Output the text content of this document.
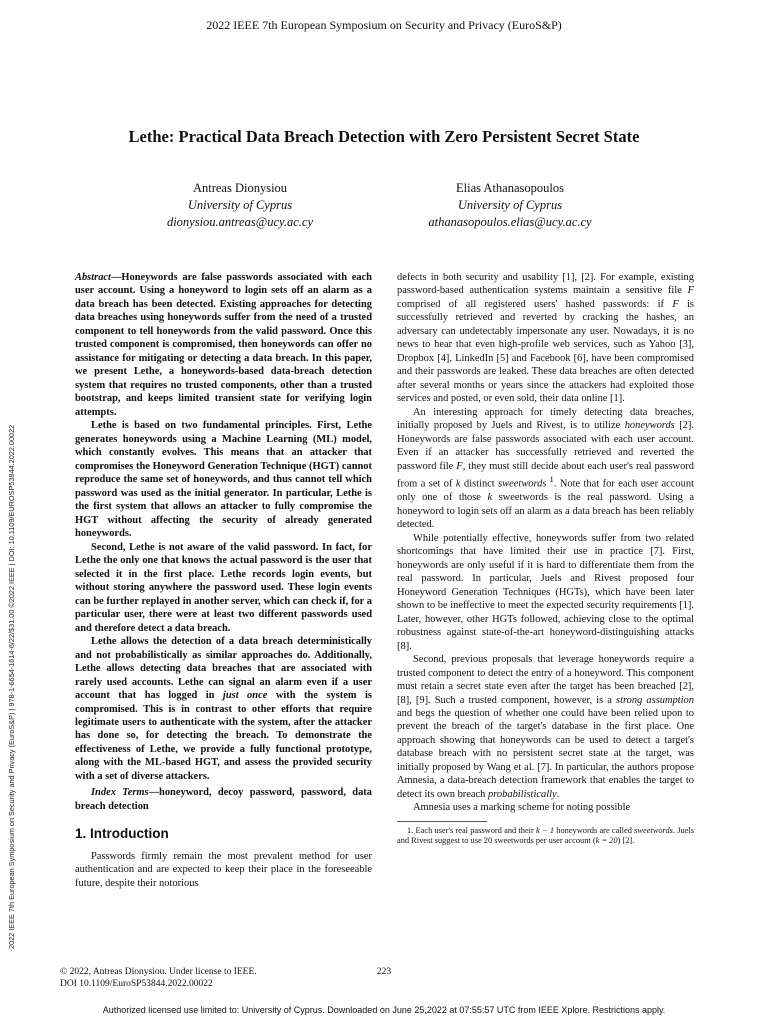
2022 IEEE 7th European Symposium on Security and Privacy (EuroS&P)
Lethe: Practical Data Breach Detection with Zero Persistent Secret State
Antreas Dionysiou
University of Cyprus
dionysiou.antreas@ucy.ac.cy
Elias Athanasopoulos
University of Cyprus
athanasopoulos.elias@ucy.ac.cy
2022 IEEE 7th European Symposium on Security and Privacy (EuroS&P) | 978-1-6654-1614-6/22/$31.00 ©2022 IEEE | DOI: 10.1109/EUROSP53844.2022.00022

Abstract—Honeywords are false passwords associated with each user account. Using a honeyword to login sets off an alarm as a data breach has been detected. Existing approaches for detecting data breaches using honeywords suffer from the need of a trusted component to tell honeywords from the valid password. Once this trusted component is compromised, then honeywords can offer no assistance for mitigating or detecting a data breach. In this paper, we present Lethe, a honeywords-based data-breach detection system that requires no trusted components, other than a trusted bootstrap, and keeps limited transient state for verifying login attempts.

Lethe is based on two fundamental principles. First, Lethe generates honeywords using a Machine Learning (ML) model, which constantly evolves. This means that an attacker that compromises the Honeyword Generation Technique (HGT) cannot reproduce the same set of honeywords, and thus cannot tell which password was used as the initial generator. In particular, Lethe is the first system that allows an attacker to fully compromise the HGT without affecting the security of already generated honeywords.

Second, Lethe is not aware of the valid password. In fact, for Lethe the only one that knows the actual password is the user that selected it in the first place. Lethe records login events, but without storing anywhere the password used. These login events can be further replayed in another server, which can check if, for a particular user, there were at least two different passwords used and therefore detect a data breach.

Lethe allows the detection of a data breach deterministically and not probabilistically as similar approaches do. Additionally, Lethe allows detecting data breaches that are associated with rarely used accounts. Lethe can signal an alarm even if a user account that has logged in just once with the system is compromised. This is in contrast to other efforts that require legitimate users to authenticate with the system, after the attacker has done so, for detecting the breach. To demonstrate the effectiveness of Lethe, we provide a fully functional prototype, along with the ML-based HGT, and assess the provided security with a set of diverse attackers.

Index Terms—honeyword, decoy password, password, data breach detection

1. Introduction

Passwords firmly remain the most prevalent method for user authentication and are expected to keep their place in the foreseeable future, despite their notorious

defects in both security and usability [1], [2]. For example, existing password-based authentication systems maintain a sensitive file F comprised of all registered users' hashed passwords: if F is successfully retrieved and reverted by cracking the hashes, an adversary can undetectably impersonate any user. Nowadays, it is no news to hear that even high-profile web services, such as Yahoo [3], Dropbox [4], LinkedIn [5] and Facebook [6], have been compromised and their passwords are leaked. These data breaches are often detected after several months or years since the attackers had exploited those services and posted, or even sold, their data online [1].

An interesting approach for timely detecting data breaches, initially proposed by Juels and Rivest, is to utilize honeywords [2]. Honeywords are false passwords associated with each user account. Even if an attacker has successfully retrieved and reverted the password file F, they must still decide about each user's real password from a set of k distinct sweetwords $^1$. Note that for each user account only one of those k sweetwords is the real password. Using a honeyword to login sets off an alarm as a data breach has been reliably detected.

While potentially effective, honeywords suffer from two related shortcomings that have limited their use in practice [7]. First, honeywords are only useful if it is hard to differentiate them from the real password. In particular, Juels and Rivest proposed four Honeyword Generation Techniques (HGTs), which have been later shown to be ineffective to meet the expected security requirements [1]. Later, however, other HGTs followed, achieving close to the optimal robustness against state-of-the-art honeyword-distinguishing attacks [8].

Second, previous proposals that leverage honeywords require a trusted component to detect the entry of a honeyword. This component must retain a secret state even after the target has been breached [2], [8], [9]. Such a trusted component, however, is a strong assumption and begs the question of whether one could have been relied upon to prevent the breach of the target's database in the first place. One approach showing that honeywords can be used to detect a target's database breach with no persistent secret state at the target, was initially proposed by Wang et al. [7]. In particular, the authors propose Amnesia, a data-breach detection framework that enables the target to detect its own breach probabilistically.

Amnesia uses a marking scheme for noting possible

1. Each user's real password and their k − 1 honeywords are called sweetwords. Juels and Rivest suggest to use 20 sweetwords per user account (k = 20) [2].

© 2022, Antreas Dionysiou. Under license to IEEE.
DOI 10.1109/EuroSP53844.2022.00022
223
Authorized licensed use limited to: University of Cyprus. Downloaded on June 25,2022 at 07:55:57 UTC from IEEE Xplore. Restrictions apply.
